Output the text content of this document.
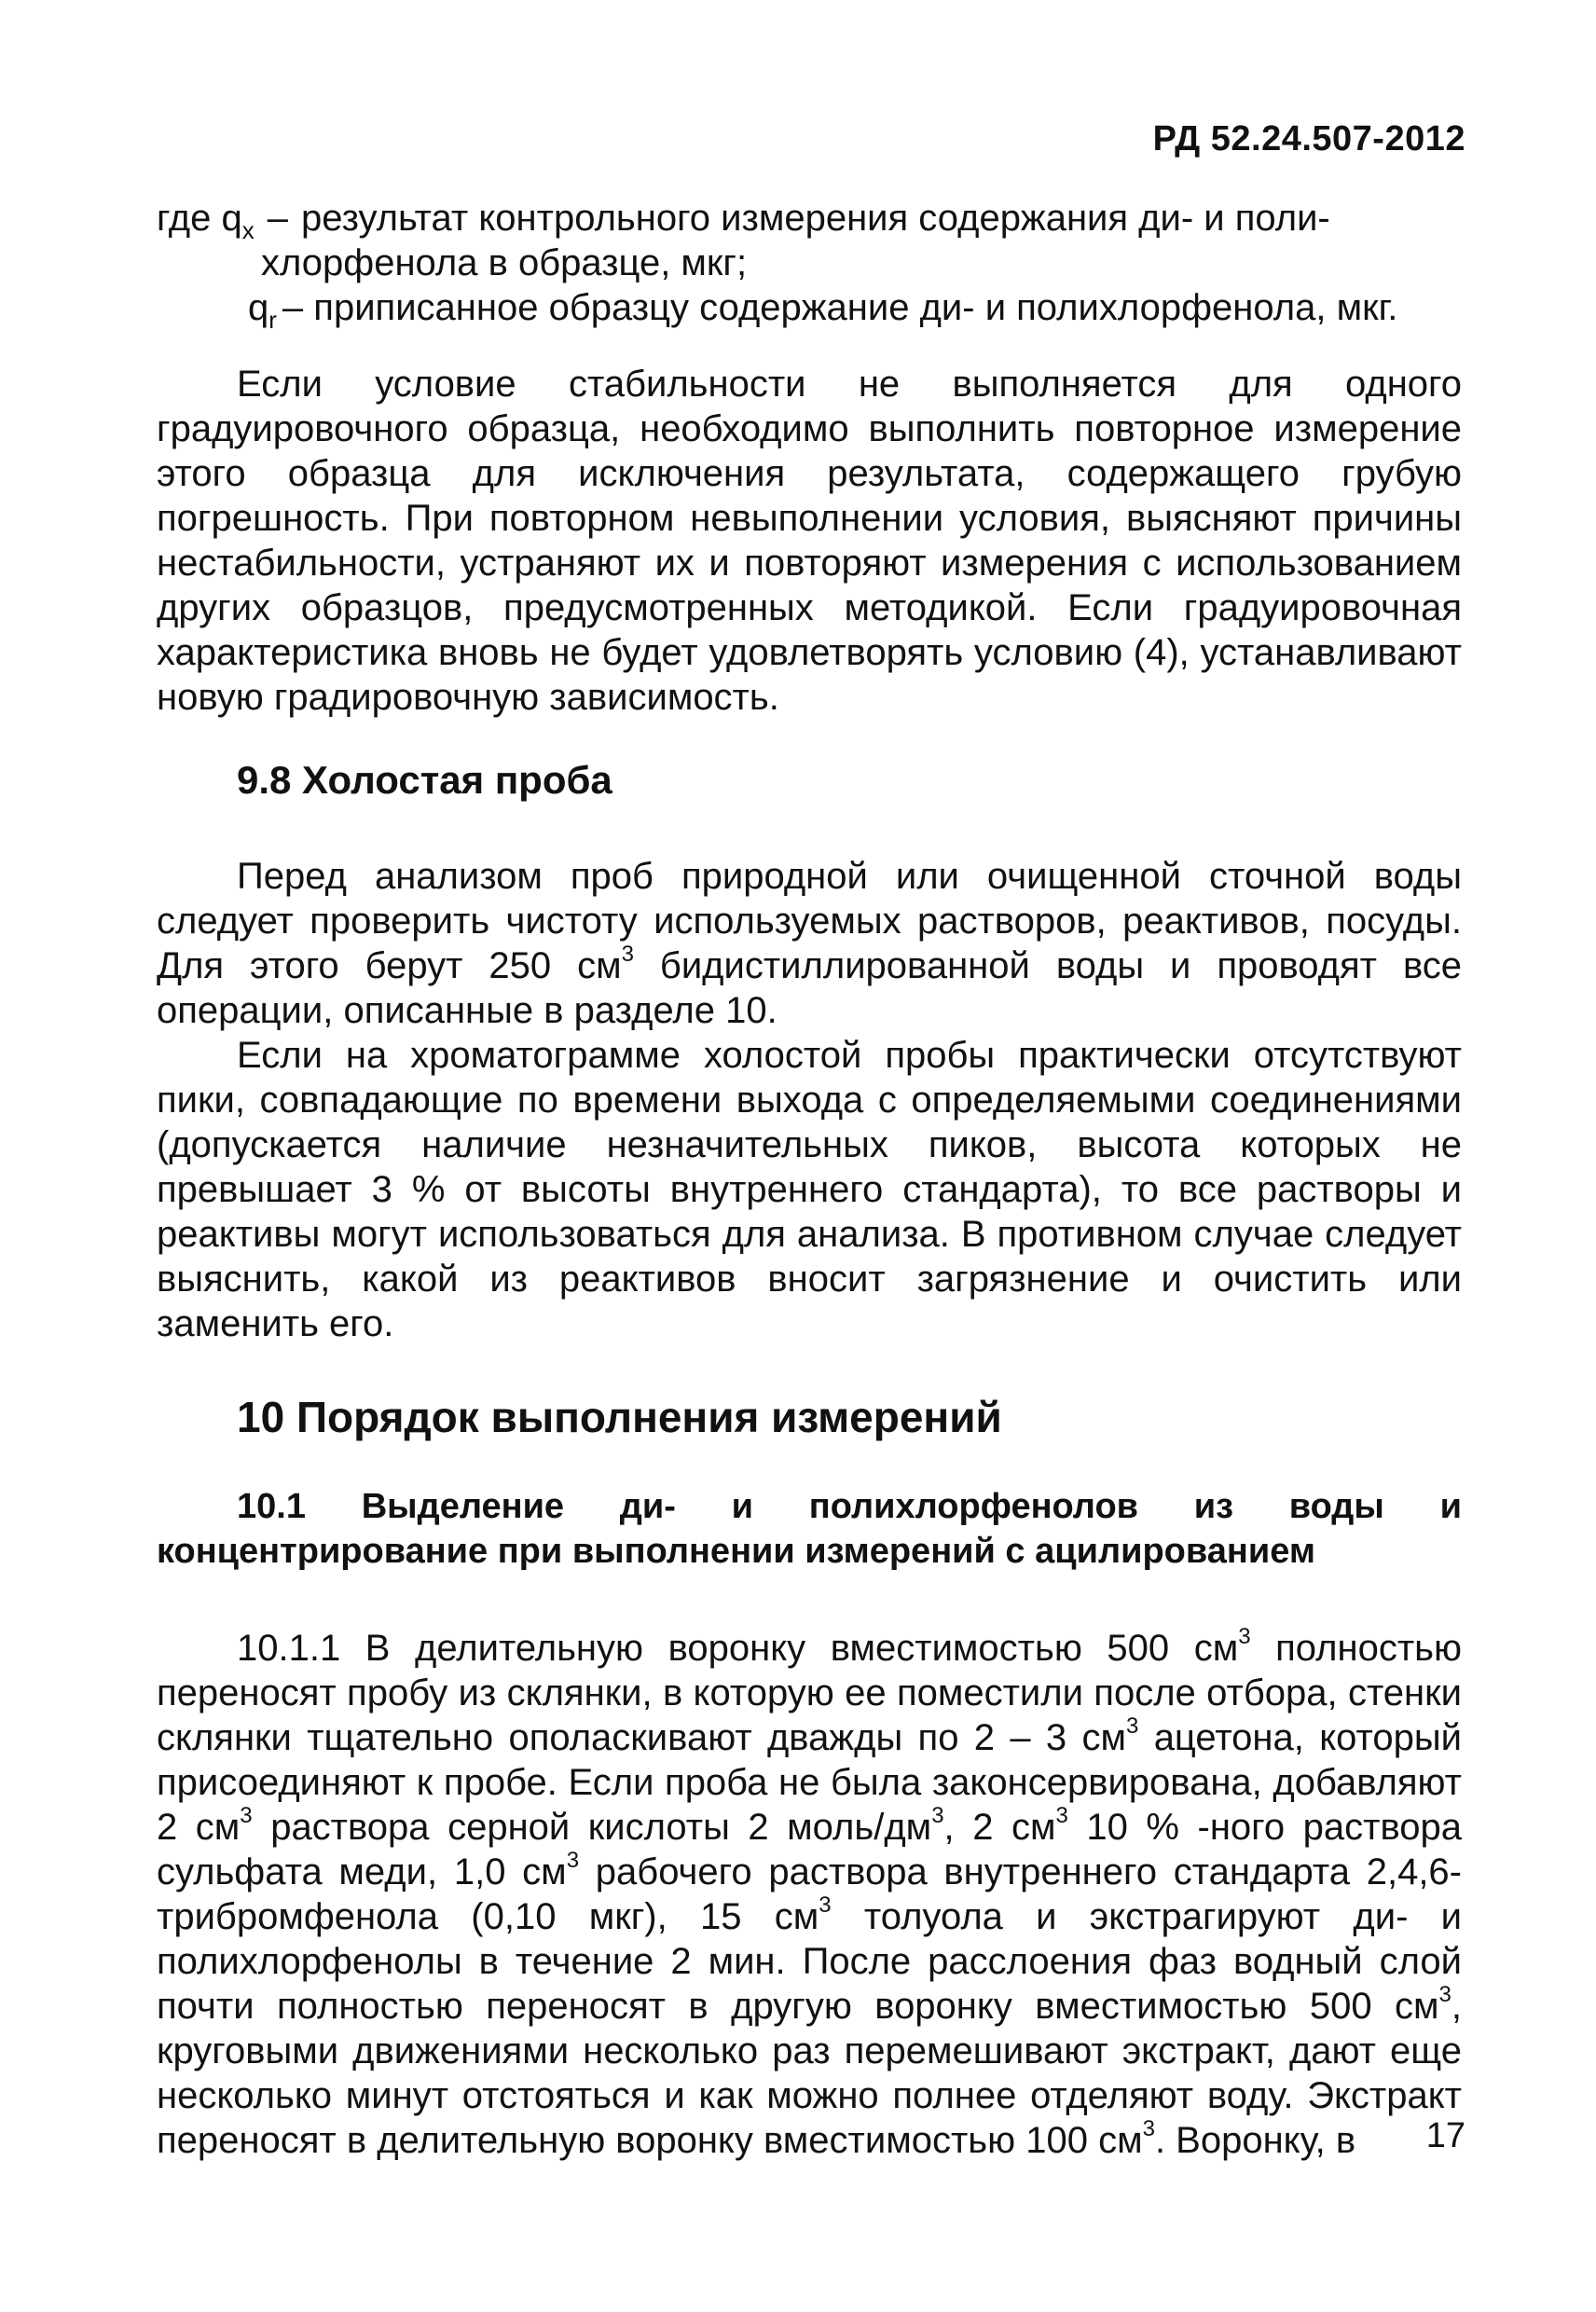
РД 52.24.507-2012
где $q_x$ – результат контрольного измерения содержания ди- и поли-
хлорфенола в образце, мкг;
$q_r$ – приписанное образцу содержание ди- и полихлорфенола, мкг.

Если условие стабильности не выполняется для одного градуировочного образца, необходимо выполнить повторное измерение этого образца для исключения результата, содержащего грубую погрешность. При повторном невыполнении условия, выясняют причины нестабильности, устраняют их и повторяют измерения с использованием других образцов, предусмотренных методикой. Если градуировочная характеристика вновь не будет удовлетворять условию (4), устанавливают новую градировочную зависимость.

9.8 Холостая проба

Перед анализом проб природной или очищенной сточной воды следует проверить чистоту используемых растворов, реактивов, посуды. Для этого берут 250 $см^3$ бидистиллированной воды и проводят все операции, описанные в разделе 10.

Если на хроматограмме холостой пробы практически отсутствуют пики, совпадающие по времени выхода с определяемыми соединениями (допускается наличие незначительных пиков, высота которых не превышает 3 % от высоты внутреннего стандарта), то все растворы и реактивы могут использоваться для анализа. В противном случае следует выяснить, какой из реактивов вносит загрязнение и очистить или заменить его.

10 Порядок выполнения измерений
10.1 Выделение ди- и полихлорфенолов из воды и концентрирование при выполнении измерений с ацилированием

10.1.1 В делительную воронку вместимостью 500 $см^3$ полностью переносят пробу из склянки, в которую ее поместили после отбора, стенки склянки тщательно ополаскивают дважды по 2 – 3 $см^3$ ацетона, который присоединяют к пробе. Если проба не была законсервирована, добавляют 2 $см^3$ раствора серной кислоты 2 моль/$дм^3$, 2 $см^3$ 10 % -ного раствора сульфата меди, 1,0 $см^3$ рабочего раствора внутреннего стандарта 2,4,6-трибромфенола (0,10 мкг), 15 $см^3$ толуола и экстрагируют ди- и полихлорфенолы в течение 2 мин. После расслоения фаз водный слой почти полностью переносят в другую воронку вместимостью 500 $см^3$, круговыми движениями несколько раз перемешивают экстракт, дают еще несколько минут отстояться и как можно полнее отделяют воду. Экстракт переносят в делительную воронку вместимостью 100 $см^3$. Воронку, в	17
